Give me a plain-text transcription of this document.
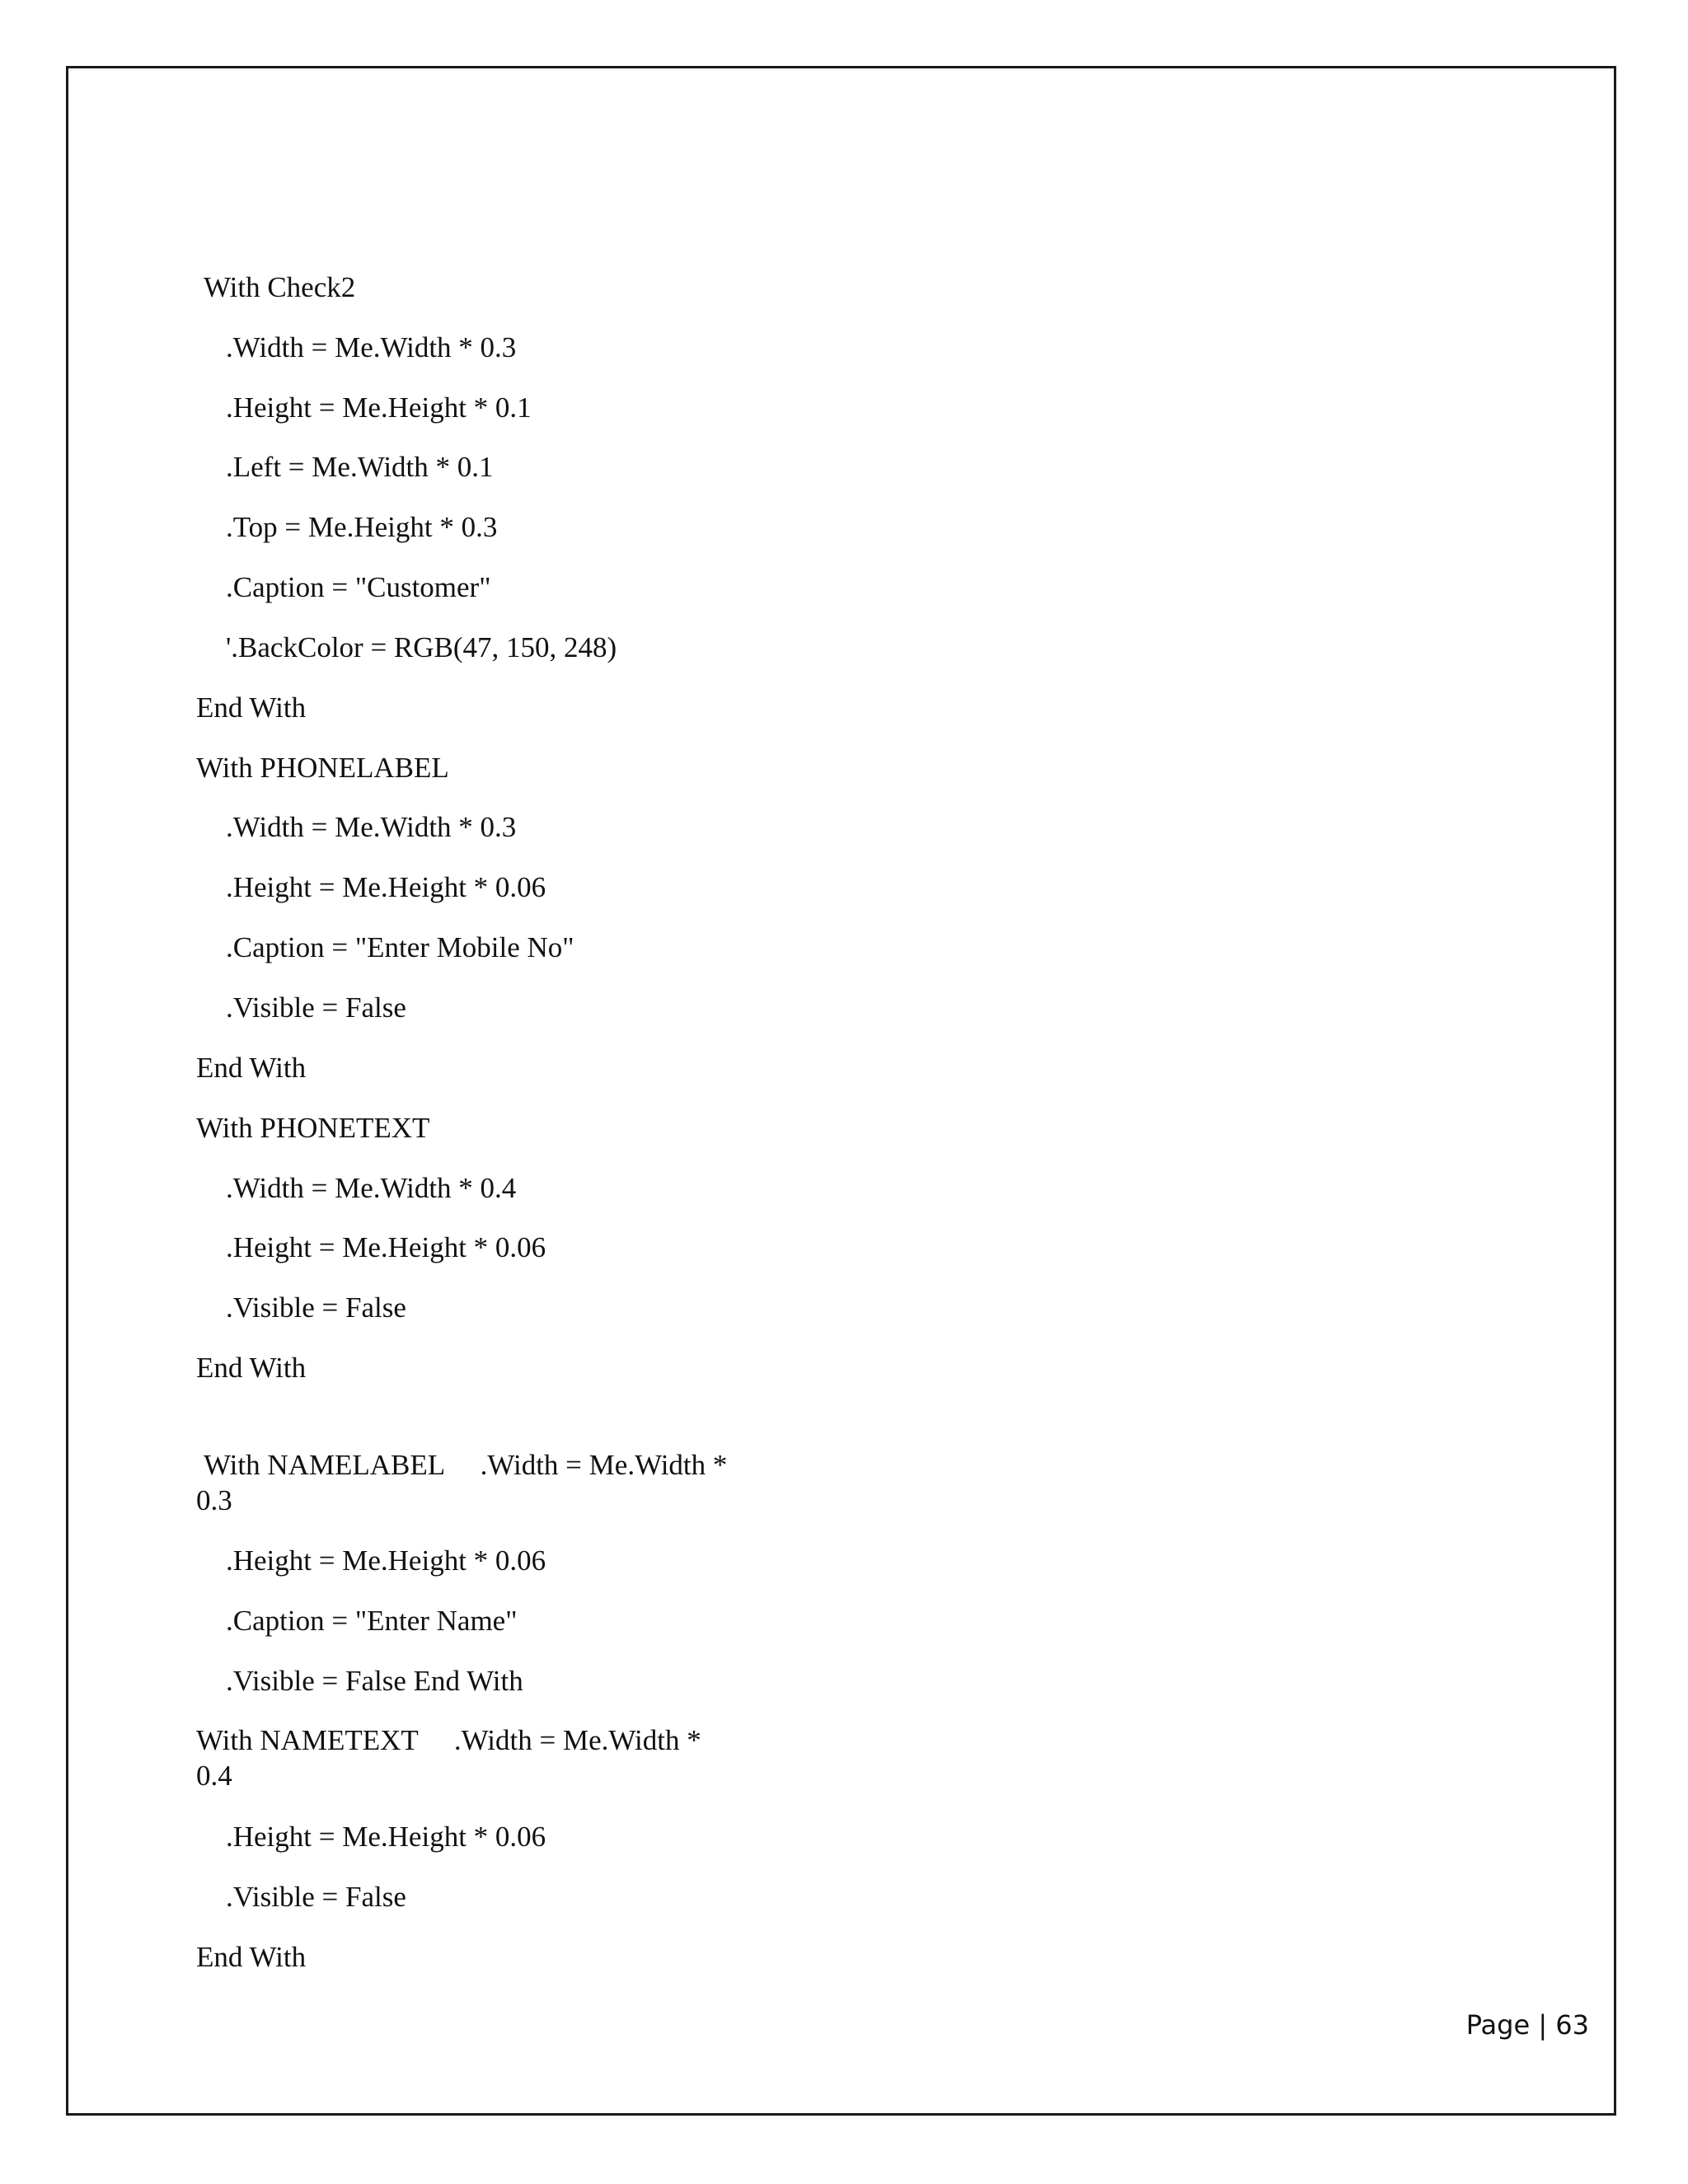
With Check2
.Width = Me.Width * 0.3
.Height = Me.Height * 0.1
.Left = Me.Width * 0.1
.Top = Me.Height * 0.3
.Caption = "Customer"
'.BackColor = RGB(47, 150, 248)
End With
With PHONELABEL
.Width = Me.Width * 0.3
.Height = Me.Height * 0.06
.Caption = "Enter Mobile No"
.Visible = False
End With
With PHONETEXT
.Width = Me.Width * 0.4
.Height = Me.Height * 0.06
.Visible = False
End With
With NAMELABEL     .Width = Me.Width *
0.3
.Height = Me.Height * 0.06
.Caption = "Enter Name"
.Visible = False End With
With NAMETEXT     .Width = Me.Width *
0.4
.Height = Me.Height * 0.06
.Visible = False
End With
Page | 63
